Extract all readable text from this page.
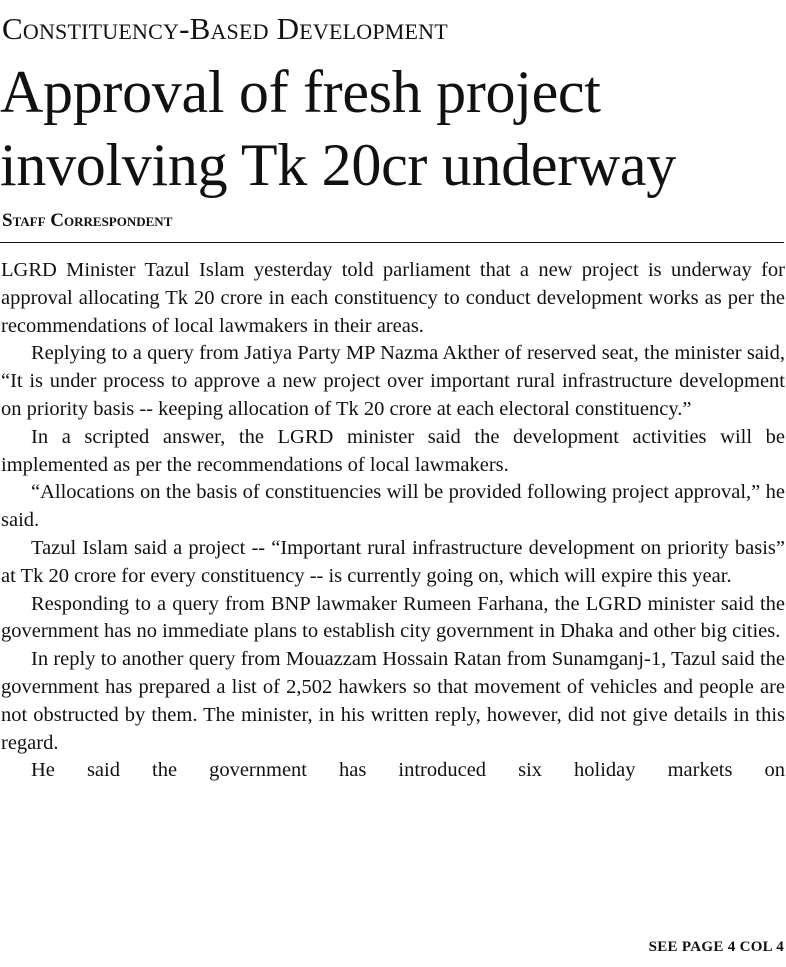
Constituency-Based Development
Approval of fresh project
involving Tk 20cr underway
Staff Correspondent

LGRD Minister Tazul Islam yesterday told parliament that a new project is underway for approval allocating Tk 20 crore in each constituency to conduct development works as per the recommendations of local lawmakers in their areas.

Replying to a query from Jatiya Party MP Nazma Akther of reserved seat, the minister said, “It is under process to approve a new project over important rural infrastructure development on priority basis -- keeping allocation of Tk 20 crore at each electoral constituency.”

In a scripted answer, the LGRD minister said the development activities will be implemented as per the recommendations of local lawmakers.

“Allocations on the basis of constituencies will be provided following project approval,” he said.

Tazul Islam said a project -- “Important rural infrastructure development on priority basis” at Tk 20 crore for every constituency -- is currently going on, which will expire this year.

Responding to a query from BNP lawmaker Rumeen Farhana, the LGRD minister said the government has no immediate plans to establish city government in Dhaka and other big cities.

In reply to another query from Mouazzam Hossain Ratan from Sunamganj-1, Tazul said the government has prepared a list of 2,502 hawkers so that movement of vehicles and people are not obstructed by them. The minister, in his written reply, however, did not give details in this regard.

He said the government has introduced six holiday markets on

SEE PAGE 4 COL 4
